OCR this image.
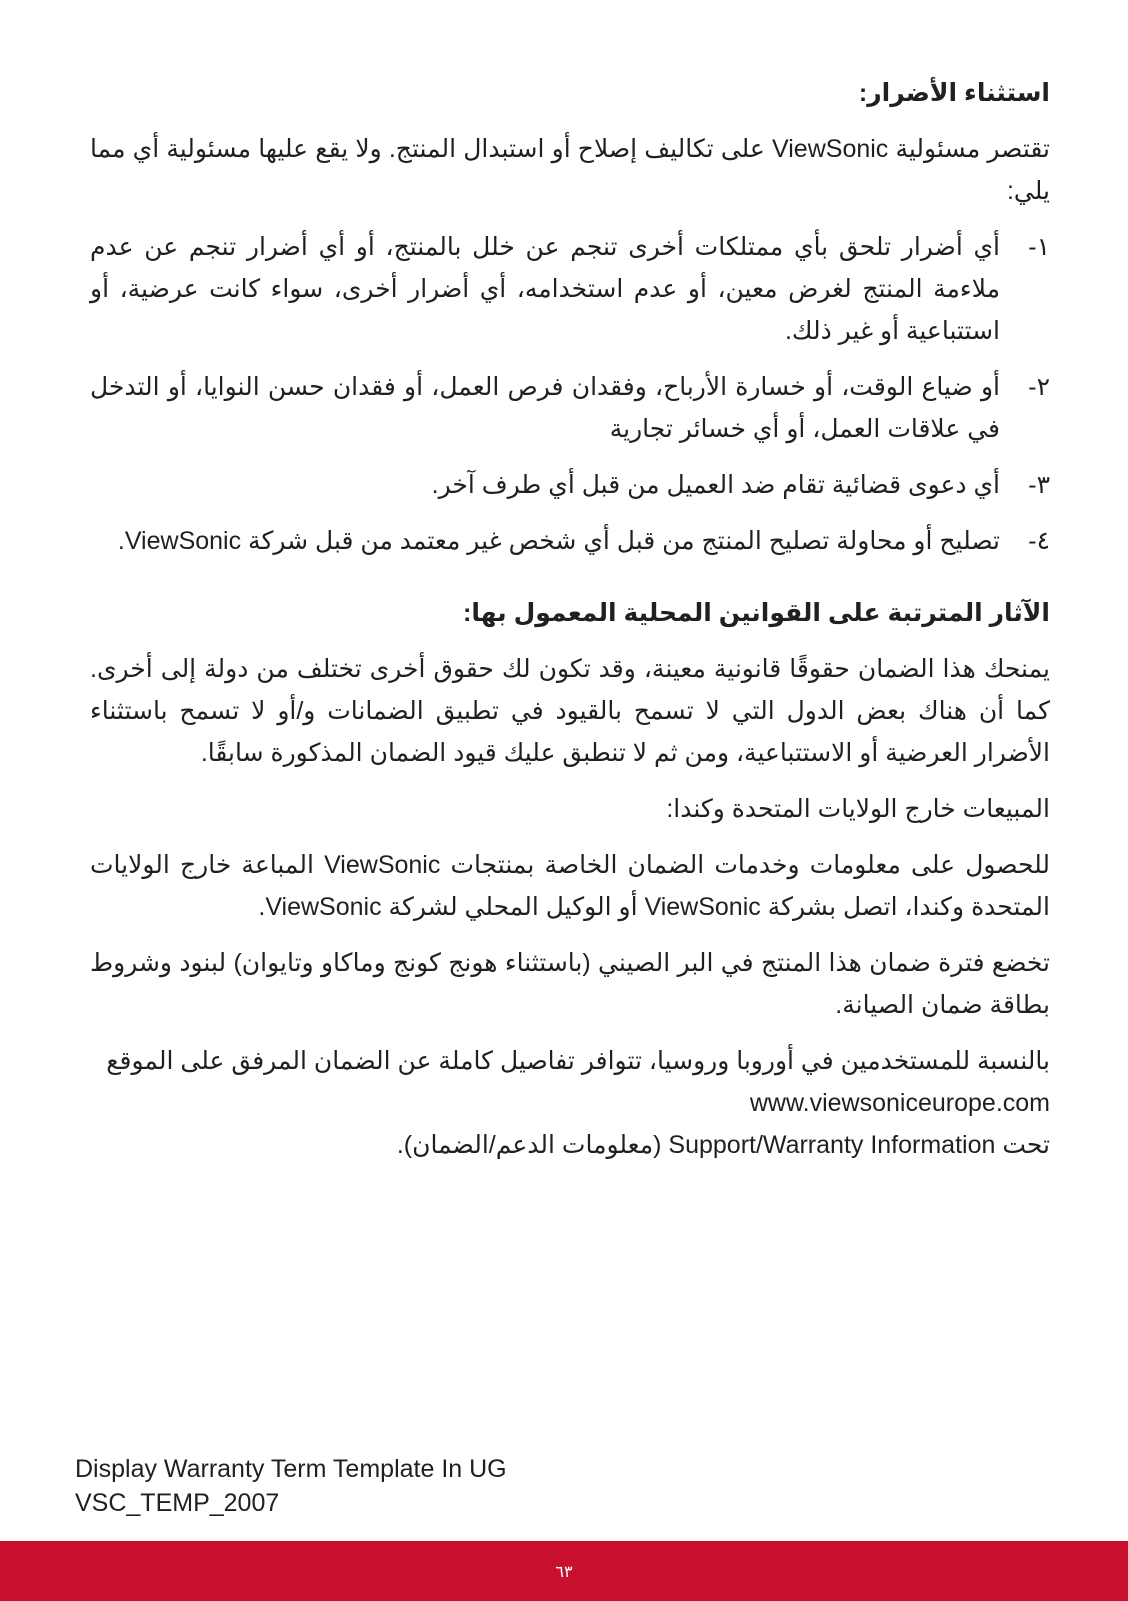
استثناء الأضرار:

تقتصر مسئولية ViewSonic على تكاليف إصلاح أو استبدال المنتج. ولا يقع عليها مسئولية أي مما يلي:

١-
أي أضرار تلحق بأي ممتلكات أخرى تنجم عن خلل بالمنتج، أو أي أضرار تنجم عن عدم ملاءمة المنتج لغرض معين، أو عدم استخدامه، أي أضرار أخرى، سواء كانت عرضية، أو استتباعية أو غير ذلك.
٢-
أو ضياع الوقت، أو خسارة الأرباح، وفقدان فرص العمل، أو فقدان حسن النوايا، أو التدخل في علاقات العمل، أو أي خسائر تجارية
٣-
أي دعوى قضائية تقام ضد العميل من قبل أي طرف آخر.
٤-
تصليح أو محاولة تصليح المنتج من قبل أي شخص غير معتمد من قبل شركة ViewSonic.

الآثار المترتبة على القوانين المحلية المعمول بها:

يمنحك هذا الضمان حقوقًا قانونية معينة، وقد تكون لك حقوق أخرى تختلف من دولة إلى أخرى. كما أن هناك بعض الدول التي لا تسمح بالقيود في تطبيق الضمانات و/أو لا تسمح باستثناء الأضرار العرضية أو الاستتباعية، ومن ثم لا تنطبق عليك قيود الضمان المذكورة سابقًا.

المبيعات خارج الولايات المتحدة وكندا:

للحصول على معلومات وخدمات الضمان الخاصة بمنتجات ViewSonic المباعة خارج الولايات المتحدة وكندا، اتصل بشركة ViewSonic أو الوكيل المحلي لشركة ViewSonic.

تخضع فترة ضمان هذا المنتج في البر الصيني (باستثناء هونج كونج وماكاو وتايوان) لبنود وشروط بطاقة ضمان الصيانة.

بالنسبة للمستخدمين في أوروبا وروسيا، تتوافر تفاصيل كاملة عن الضمان المرفق على الموقع

www.viewsoniceurope.com

تحت Support/Warranty Information (معلومات الدعم/الضمان).

Display Warranty Term Template In UG
VSC_TEMP_2007
٦٣
